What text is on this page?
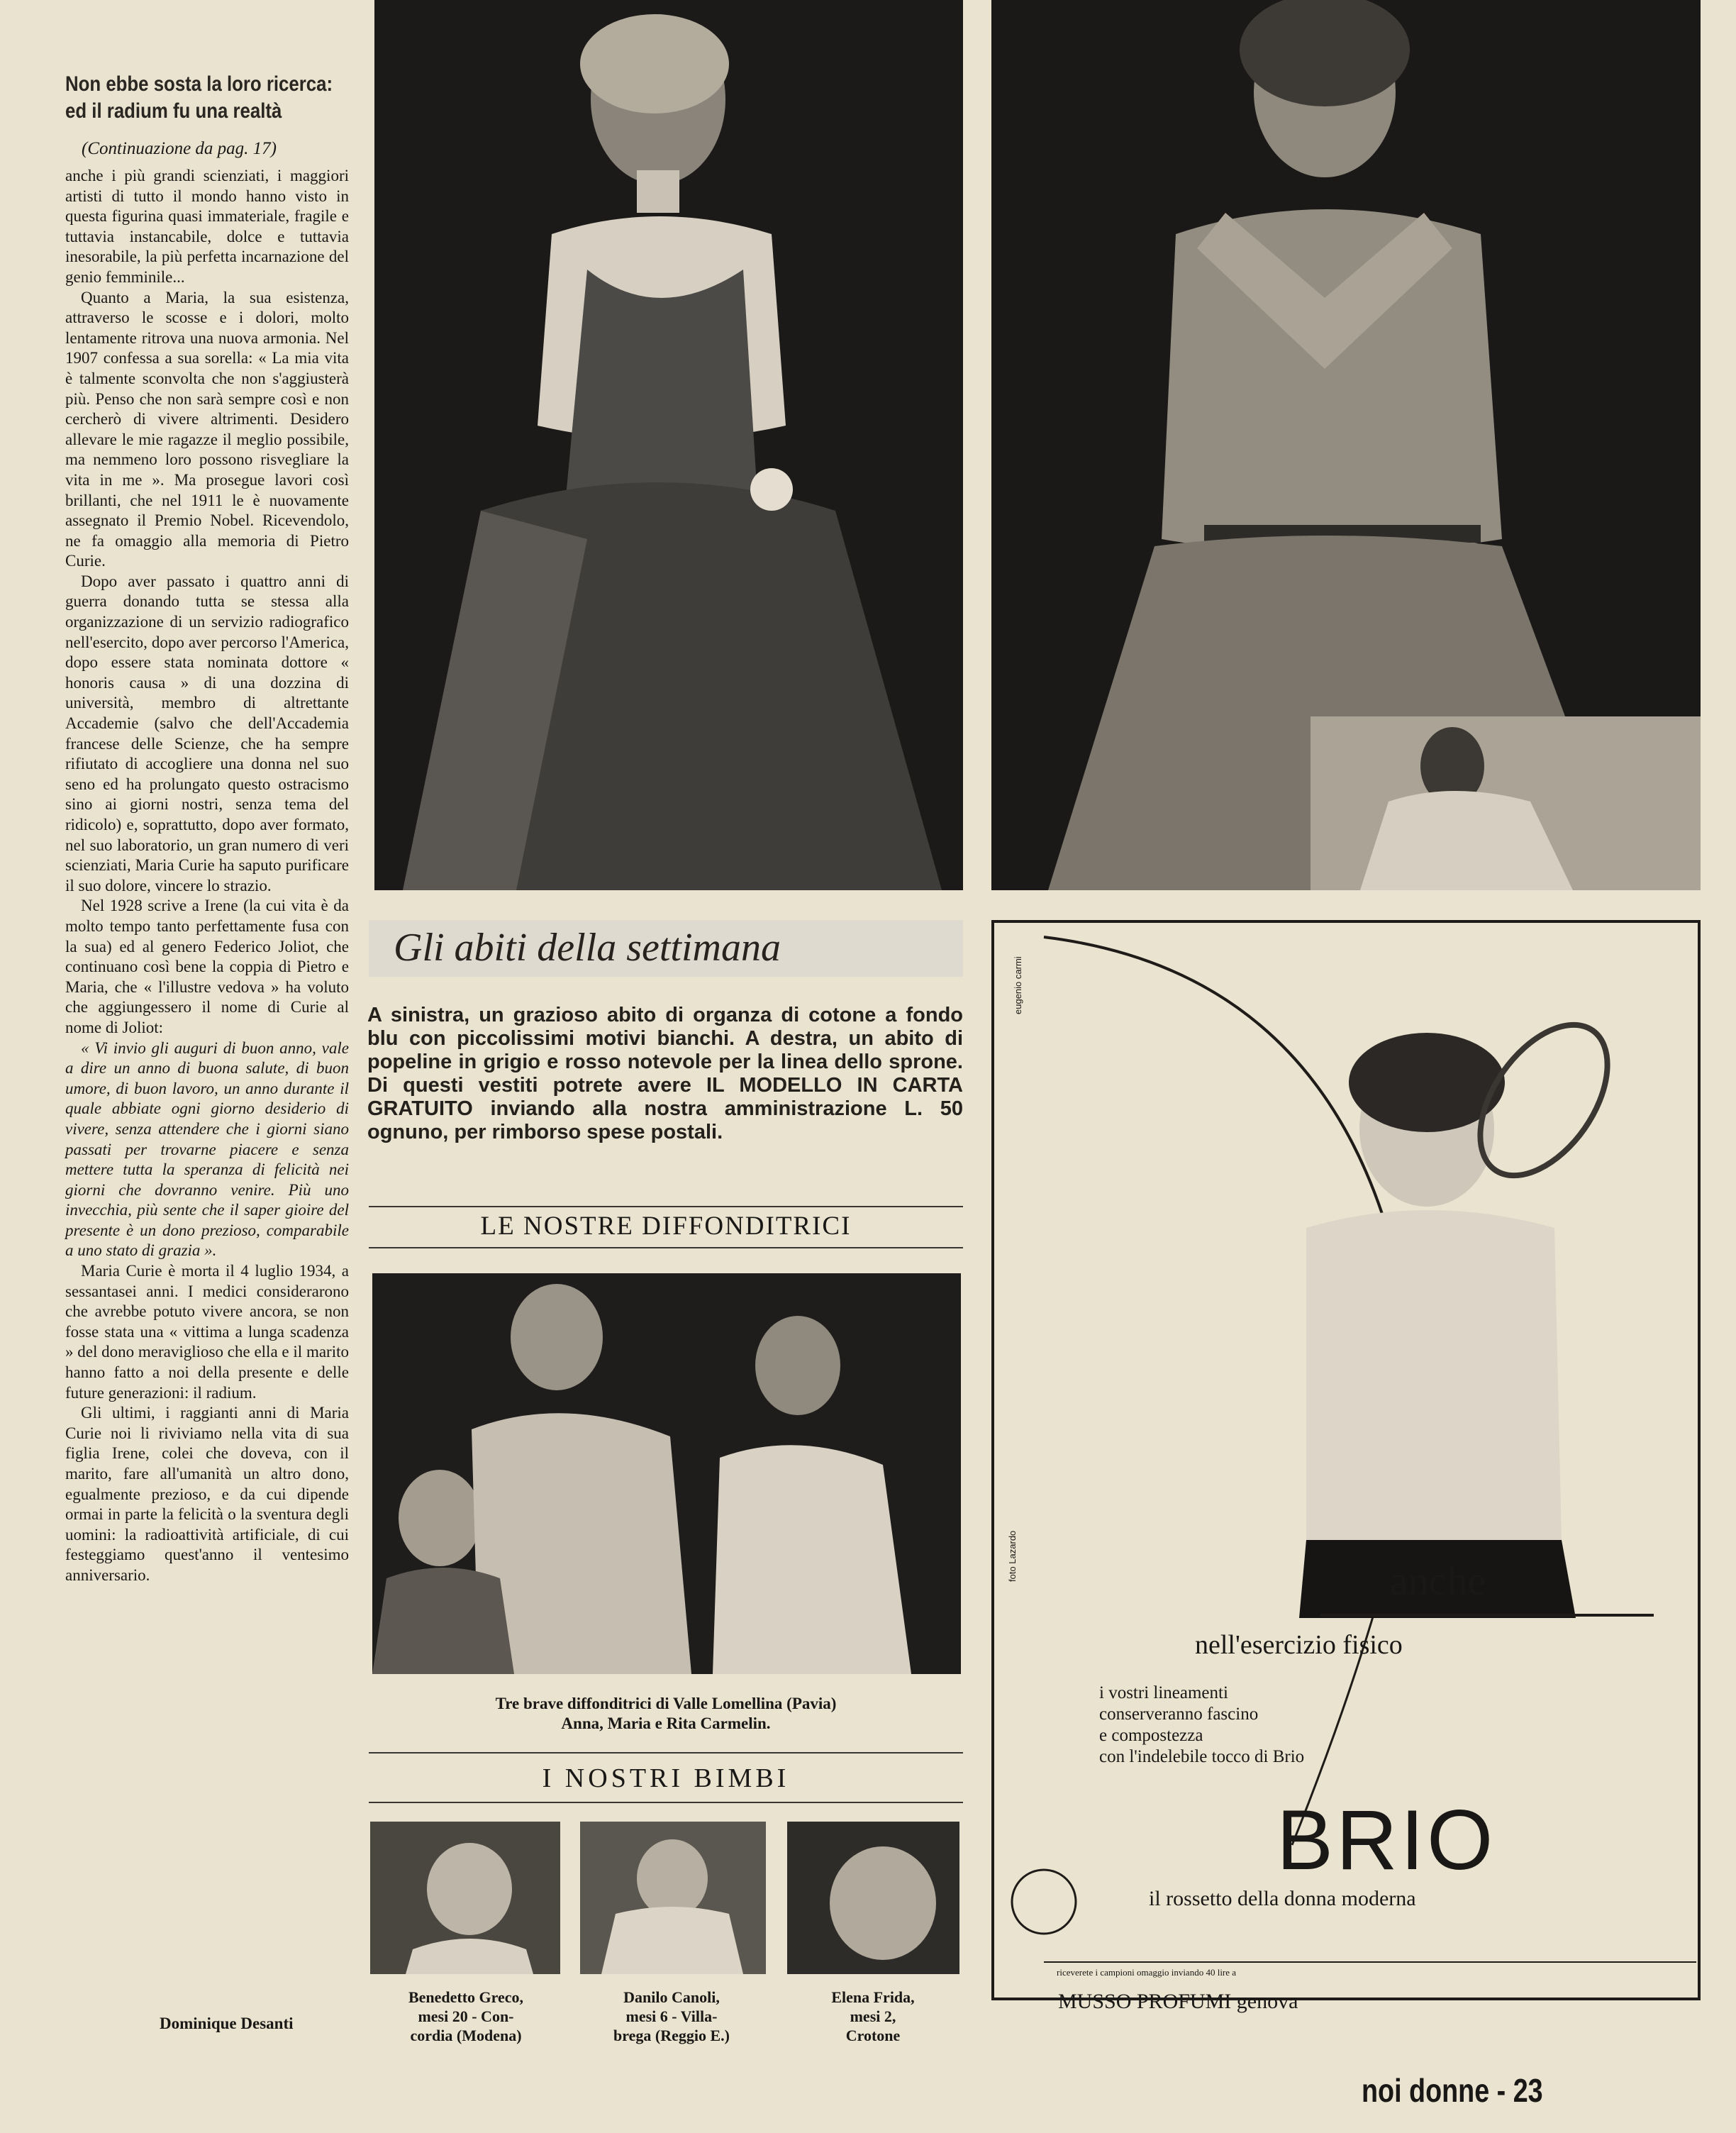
Non ebbe sosta la loro ricerca: ed il radium fu una realtà
(Continuazione da pag. 17)

anche i più grandi scienziati, i maggiori artisti di tutto il mondo hanno visto in questa figurina quasi immateriale, fragile e tuttavia instancabile, dolce e tuttavia inesorabile, la più perfetta incarnazione del genio femminile...

Quanto a Maria, la sua esistenza, attraverso le scosse e i dolori, molto lentamente ritrova una nuova armonia. Nel 1907 confessa a sua sorella: « La mia vita è talmente sconvolta che non s'aggiusterà più. Penso che non sarà sempre così e non cercherò di vivere altrimenti. Desidero allevare le mie ragazze il meglio possibile, ma nemmeno loro possono risvegliare la vita in me ». Ma prosegue lavori così brillanti, che nel 1911 le è nuovamente assegnato il Premio Nobel. Ricevendolo, ne fa omaggio alla memoria di Pietro Curie.

Dopo aver passato i quattro anni di guerra donando tutta se stessa alla organizzazione di un servizio radiografico nell'esercito, dopo aver percorso l'America, dopo essere stata nominata dottore « honoris causa » di una dozzina di università, membro di altrettante Accademie (salvo che dell'Accademia francese delle Scienze, che ha sempre rifiutato di accogliere una donna nel suo seno ed ha prolungato questo ostracismo sino ai giorni nostri, senza tema del ridicolo) e, soprattutto, dopo aver formato, nel suo laboratorio, un gran numero di veri scienziati, Maria Curie ha saputo purificare il suo dolore, vincere lo strazio.

Nel 1928 scrive a Irene (la cui vita è da molto tempo tanto perfettamente fusa con la sua) ed al genero Federico Joliot, che continuano così bene la coppia di Pietro e Maria, che « l'illustre vedova » ha voluto che aggiungessero il nome di Curie al nome di Joliot:

« Vi invio gli auguri di buon anno, vale a dire un anno di buona salute, di buon umore, di buon lavoro, un anno durante il quale abbiate ogni giorno desiderio di vivere, senza attendere che i giorni siano passati per trovarne piacere e senza mettere tutta la speranza di felicità nei giorni che dovranno venire. Più uno invecchia, più sente che il saper gioire del presente è un dono prezioso, comparabile a uno stato di grazia ».

Maria Curie è morta il 4 luglio 1934, a sessantasei anni. I medici considerarono che avrebbe potuto vivere ancora, se non fosse stata una « vittima a lunga scadenza » del dono meraviglioso che ella e il marito hanno fatto a noi della presente e delle future generazioni: il radium.

Gli ultimi, i raggianti anni di Maria Curie noi li riviviamo nella vita di sua figlia Irene, colei che doveva, con il marito, fare all'umanità un altro dono, egualmente prezioso, e da cui dipende ormai in parte la felicità o la sventura degli uomini: la radioattività artificiale, di cui festeggiamo quest'anno il ventesimo anniversario.

Dominique Desanti
Gli abiti della settimana
A sinistra, un grazioso abito di organza di cotone a fondo blu con piccolissimi motivi bianchi. A destra, un abito di popeline in grigio e rosso notevole per la linea dello sprone. Di questi vestiti potrete avere IL MODELLO IN CARTA GRATUITO inviando alla nostra amministrazione L. 50 ognuno, per rimborso spese postali.
LE NOSTRE DIFFONDITRICI
Tre brave diffonditrici di Valle Lomellina (Pavia)
Anna, Maria e Rita Carmelin.
I NOSTRI BIMBI
Benedetto Greco,
mesi 20 - Con-
cordia (Modena)
Danilo Canoli,
mesi 6 - Villa-
brega (Reggio E.)
Elena Frida,
mesi 2,
Crotone
eugenio carmi
foto Lazardo	anche
nell'esercizio fisico
i vostri lineamenti
conserveranno fascino
e compostezza
con l'indelebile tocco di Brio
BRIO
il rossetto della donna moderna
riceverete i campioni omaggio inviando 40 lire a
MUSSO PROFUMI genova
noi donne - 23
